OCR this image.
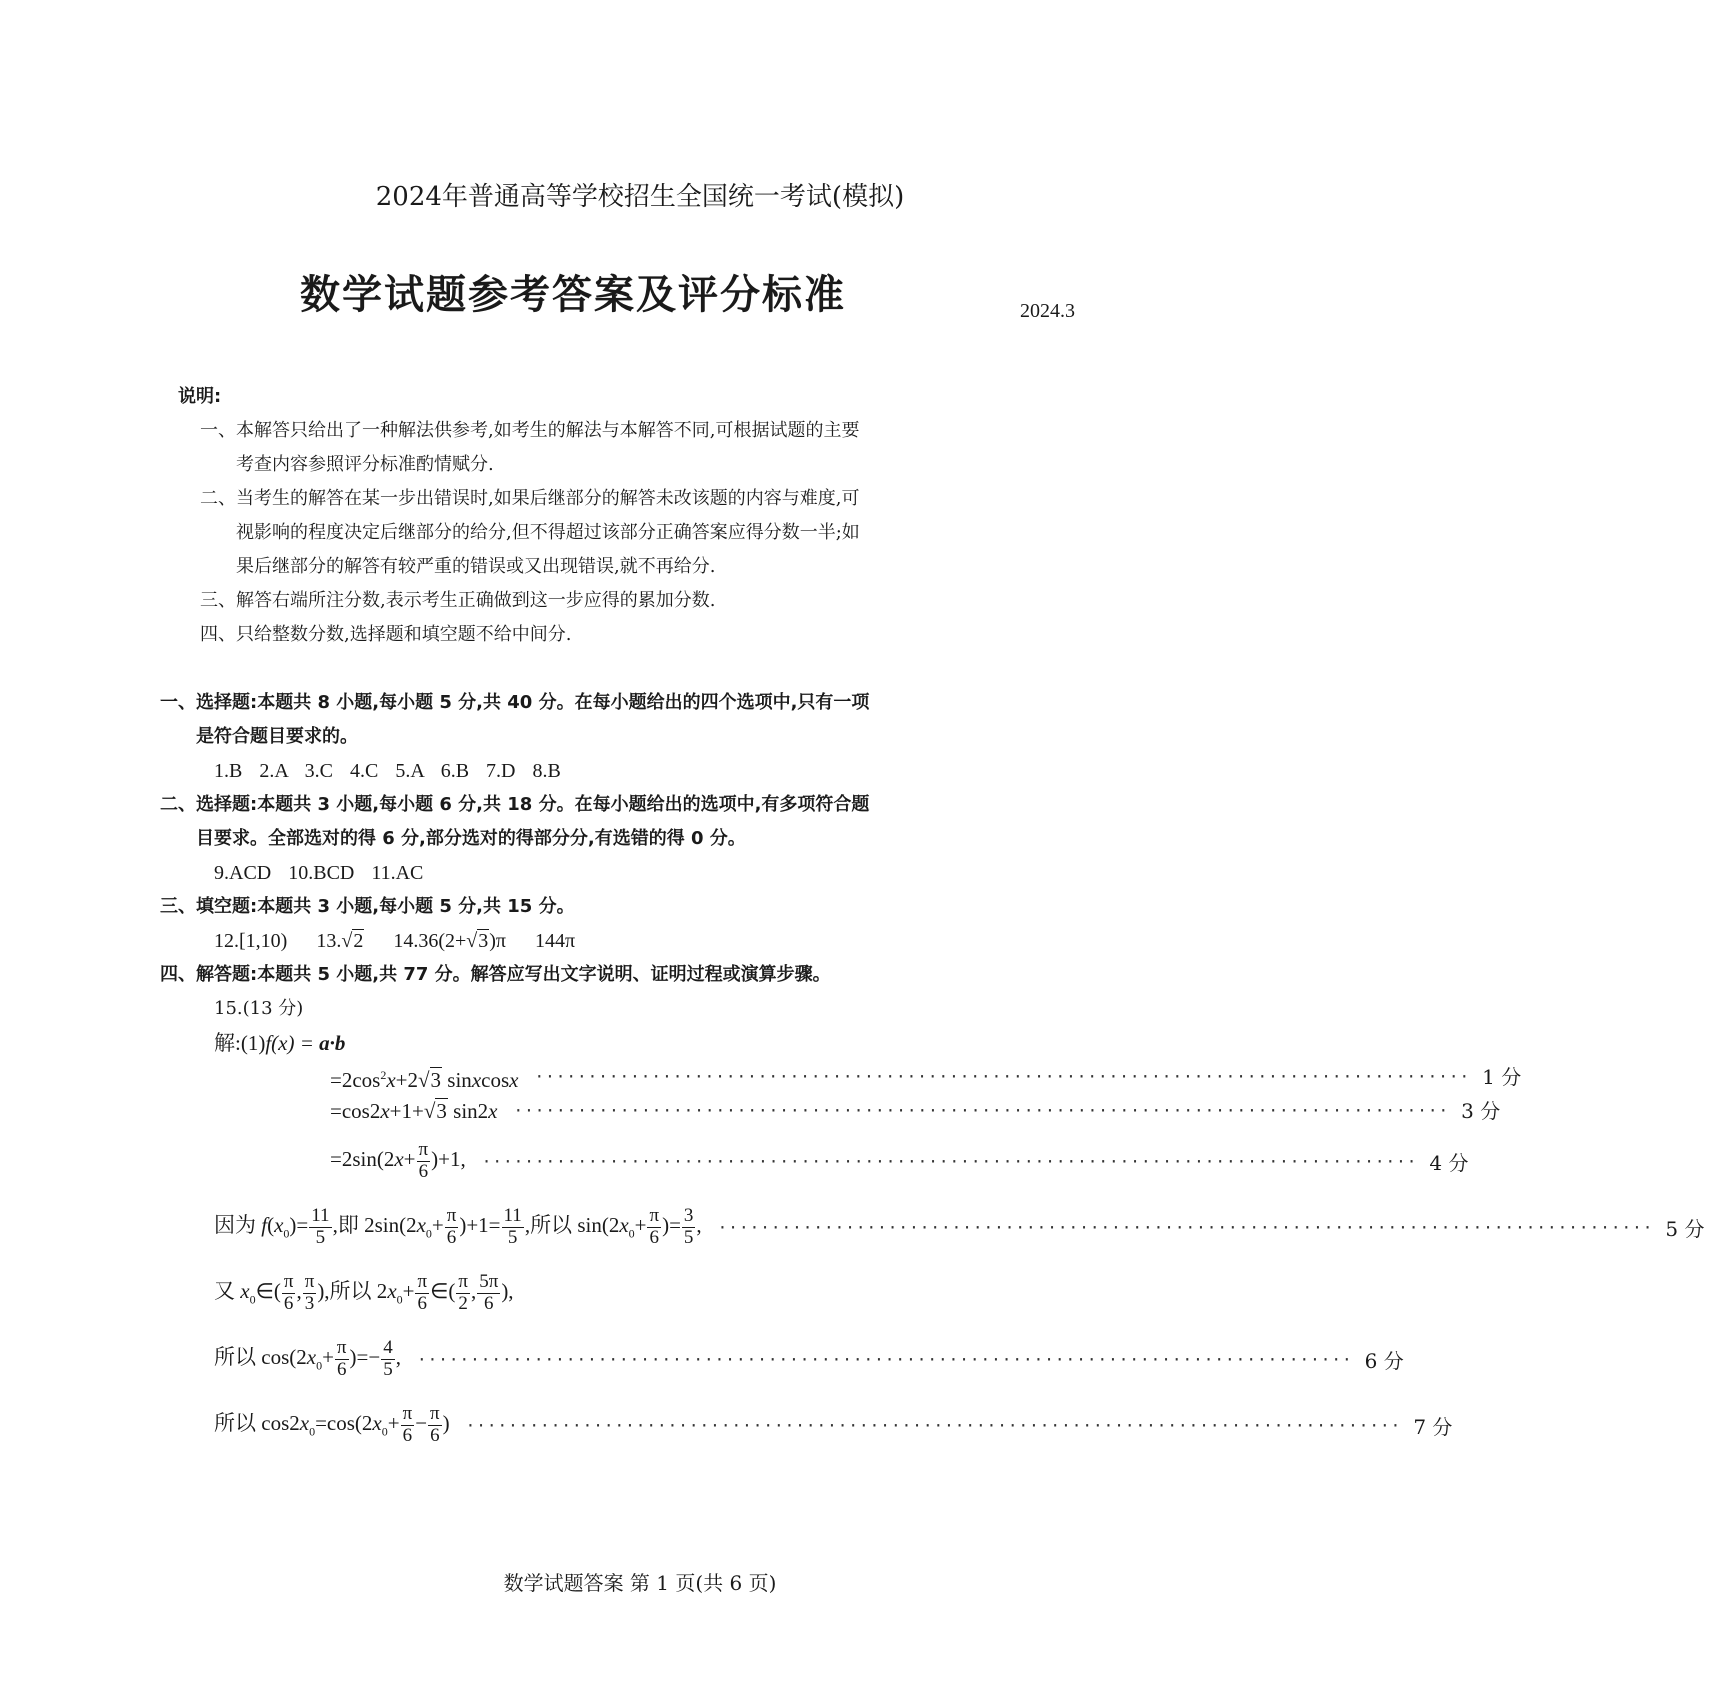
2024年普通高等学校招生全国统一考试(模拟)
数学试题参考答案及评分标准	2024.3
说明:
一、本解答只给出了一种解法供参考,如考生的解法与本解答不同,可根据试题的主要
考查内容参照评分标准酌情赋分.
二、当考生的解答在某一步出错误时,如果后继部分的解答未改该题的内容与难度,可
视影响的程度决定后继部分的给分,但不得超过该部分正确答案应得分数一半;如
果后继部分的解答有较严重的错误或又出现错误,就不再给分.
三、解答右端所注分数,表示考生正确做到这一步应得的累加分数.
四、只给整数分数,选择题和填空题不给中间分.
一、选择题:本题共 8 小题,每小题 5 分,共 40 分。在每小题给出的四个选项中,只有一项
是符合题目要求的。
1.B 2.A 3.C 4.C 5.A 6.B 7.D 8.B
二、选择题:本题共 3 小题,每小题 6 分,共 18 分。在每小题给出的选项中,有多项符合题
目要求。全部选对的得 6 分,部分选对的得部分分,有选错的得 0 分。
9.ACD 10.BCD 11.AC
三、填空题:本题共 3 小题,每小题 5 分,共 15 分。
12.[1,10) 13.√2 14.36(2+√3)π 144π
四、解答题:本题共 5 小题,共 77 分。解答应写出文字说明、证明过程或演算步骤。
15.(13 分)
解:(1)f(x) = a·b
$=2\cos^2x+2√3$ sinxcosx ························································································ 1 分
=cos2x+1+√3 sin2x ························································································ 3 分
$=2\sin(2x+ \frac{\pi}{6} )+1$, ························································································ 4 分
因为 $f(x_0)= \frac{11}{5}$ ,即 $2\sin(2x_0+ \frac{\pi}{6} )+1= \frac{11}{5}$ ,所以 $\sin(2x_0+ \frac{\pi}{6}$ )= $\frac{3}{5}$ , ························································································ 5 分
又 $x_0\in( \frac{\pi}{6}$ , $\frac{\pi}{3}$ ),所以 $2x_0+ \frac{\pi}{6}$ ∈( $\frac{\pi}{2}$ , $\frac{5\pi}{6}$ ),
所以 $\cos(2x_0+ \frac{\pi}{6}$ )=− $\frac{4}{5}$ , ························································································ 6 分
所以 $\cos 2x_0=\cos(2x_0+ \frac{\pi}{6} - \frac{\pi}{6}$ ) ························································································ 7 分
数学试题答案 第 1 页(共 6 页)
